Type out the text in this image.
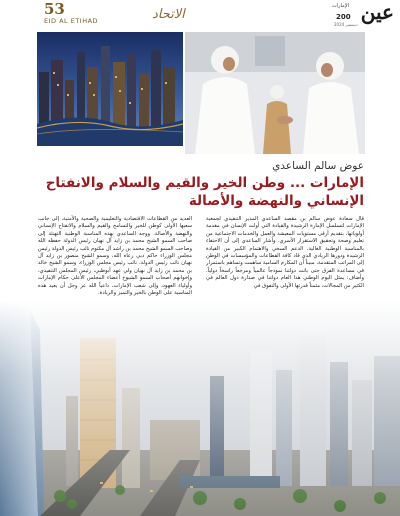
53
EID AL ETIHAD	الاتحاد	عين
الإمارات
200
ديسمبر 2024
عوض سالم الساعدي
الإمارات ... وطن الخير والقيم والسلام والانفتاح
الإنساني والنهضة والأصالة

قال سعادة عوض سالم بن مقصد الساعدي المدير التنفيذي لجمعية الإمارات لتسلسل الإمارة الرشيدة والقيادة التي أولت الإنسان في مقدمة أولوياتها، بتقديم أرقى مستويات المعيشة والعمل والخدمات الاجتماعية من تعليم وصحة وتحقيق الاستقرار الأسري. وأشار الساعدي إلى أن الاحتفاء بالمناسبة الوطنية الغالية، الدعم السخي والاهتمام الكبير من القيادة الرشيدة ودورها الريادي الذي قاد كافة القطاعات والمؤسسات في الوطن إلى المراتب المتقدمة، مبيناً أن المكارم السامية ساهمت وتساهم باستمرار في مساعدة الفرق حتى باتت دولتنا نموذجاً عالمياً ومرجعاً راسخاً دولياً. وأضاف: يمثل اليوم الوطني هذا العام دولتنا في صدارة دول العالم في الكثير من المجالات، مثمناً قدرتها الأولى والتفوق في

العديد من القطاعات الاقتصادية والتعليمية والصحية والأمنية، إلى جانب سعيها الأولى كوطن للخير والتسامح والقيم والسلام والانفتاح الإنساني والنهضة والأصالة. ووجه الساعدي بهذه المناسبة الوطنية التهنئة إلى صاحب السمو الشيخ محمد بن زايد آل نهيان رئيس الدولة حفظه الله وصاحب السمو الشيخ محمد بن راشد آل مكتوم نائب رئيس الدولة رئيس مجلس الوزراء حاكم دبي رعاه الله، وسمو الشيخ منصور بن زايد آل نهيان نائب رئيس الدولة، نائب رئيس مجلس الوزراء، وسمو الشيخ خالد بن محمد بن زايد آل نهيان ولي عهد أبوظبي، رئيس المجلس التنفيذي، وإخوانهم أصحاب السمو الشيوخ أعضاء المجلس الأعلى حكام الإمارات وأولياء العهود، وإلى شعب الإمارات، داعياً الله عز وجل أن يعيد هذه المناسبة على الوطن بالخير والتميز والريادة.
